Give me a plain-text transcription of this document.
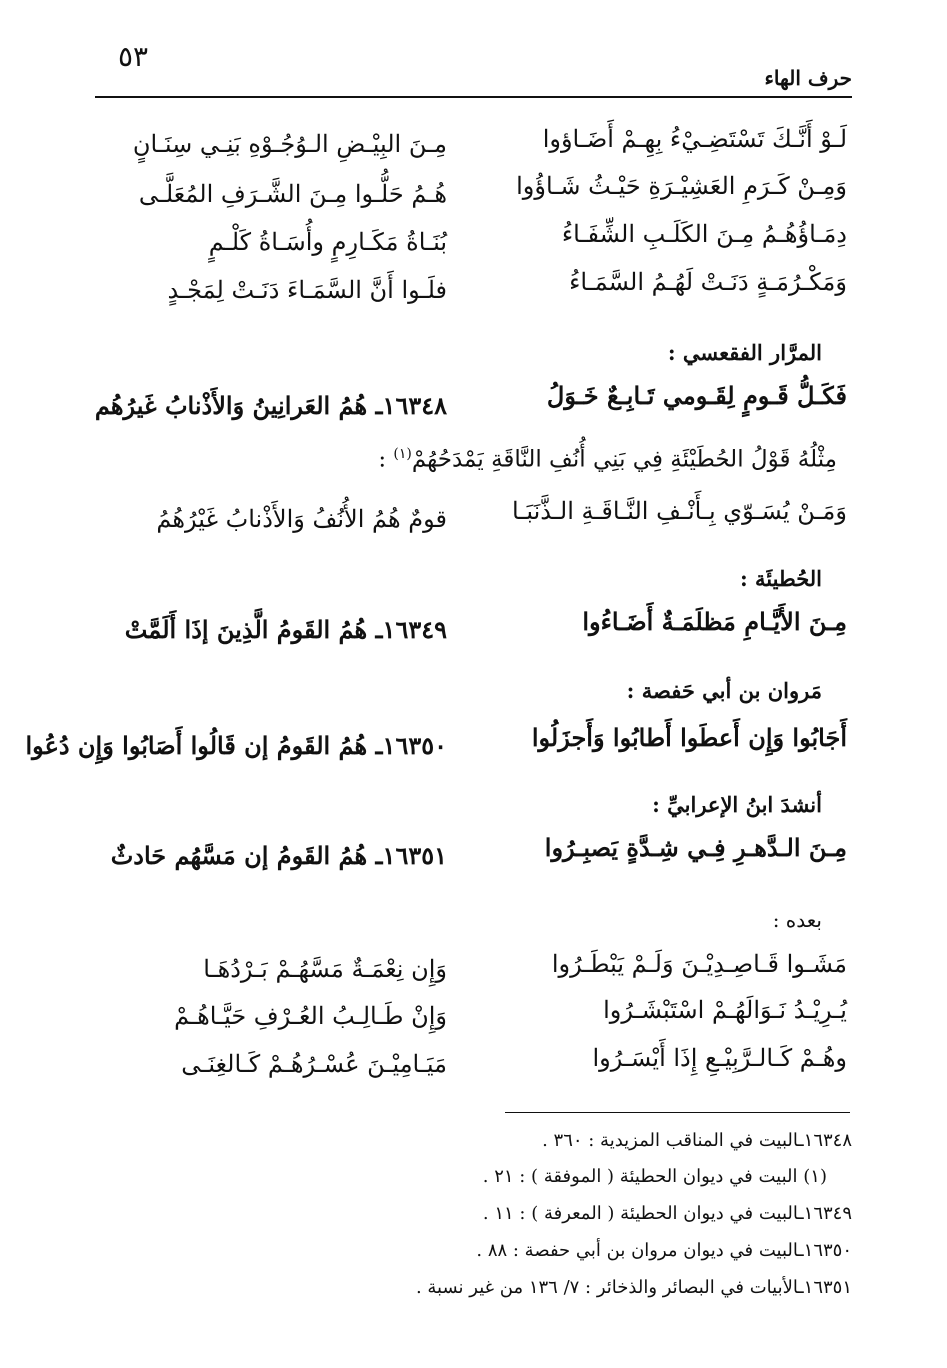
٥٣
حرف الهاء
مِـنَ البِيْـضِ الـوُجُـوْهِ بَنِـي سِنَـانٍ	لَـوْ أَنَّـكَ تَسْتَضِـيْءُ بِهِـمْ أَضَـاؤوا
هُـمُ حَلُّـوا مِـنَ الشَّـرَفِ المُعَلَّـى	وَمِـنْ كَـرَمِ العَشِيْـرَةِ حَيْـثُ شَـاؤُوا
بُنَـاةُ مَكَـارِمٍ وأُسَـاةُ كَلْـمٍ	دِمَـاؤُهُـمُ مِـنَ الكَلَـبِ الشِّفَـاءُ
فلَـوا أَنَّ السَّمَـاءَ دَنَـتْ لِمَجْـدٍ	وَمَكْـرُمَـةٍ دَنَـتْ لَهُـمُ السَّمَـاءُ
المرَّار الفقعسي :
١٦٣٤٨ـ هُمُ العَرانِينُ وَالأَذْنابُ غَيرُهُم	فَكَـلُّ قَـومٍ لِقَـومي تَـابِـعٌ خَـوَلُ
مِثْلُهُ قَوْلُ الحُطَيْئَةِ فِي بَنِي أُنُفِ النَّاقَةِ يَمْدَحُهُمْ$^{(١)}$ :
قومٌ هُمُ الأُنُفُ وَالأَذْنابُ غَيْرُهُمُ	وَمَـنْ يُسَـوّي بِـأَنْـفِ النَّـاقَـةِ الـذَّنَبَـا
الحُطيئَة :
١٦٣٤٩ـ هُمُ القَومُ الَّذِينَ إذَا أَلَمَّتْ	مِـنَ الأَيَّـامِ مَظلَمَـةٌ أَضَـاءُوا
مَروان بن أبي حَفصة :
١٦٣٥٠ـ هُمُ القَومُ إن قَالُوا أَصَابُوا وَإِن دُعُوا	أَجَابُوا وَإِن أَعطَوا أَطابُوا وَأَجزَلُوا
أنشدَ ابنُ الإعرابيِّ :
١٦٣٥١ـ هُمُ القَومُ إن مَسَّهُم حَادثٌ	مِـنَ الـدَّهـرِ فِـي شِـدَّةٍ يَصبِـرُوا
بعده :
وَإِن نِعْمَـةٌ مَسَّهُـمْ بَـرْدُهَـا	مَشَـوا قَـاصِـدِيْـنَ وَلَـمْ يَبْطَـرُوا
وَإِنْ طَـالِـبُ العُـرْفِ حَيَّـاهُـمْ	يُـرِيْـدُ نَـوَالَهُـمْ اسْتَبْشَـرُوا
مَيَـامِيْـنَ عُسْـرُهُـمْ كَـالغِنَـى	وهُـمْ كَـالـرَّبِيْـعِ إِذَا أَيْسَـرُوا
١٦٣٤٨ـالبيت في المناقب المزيدية : ٣٦٠ .
(١) البيت في ديوان الحطيئة ( الموفقة ) : ٢١ .
١٦٣٤٩ـالبيت في ديوان الحطيئة ( المعرفة ) : ١١ .
١٦٣٥٠ـالبيت في ديوان مروان بن أبي حفصة : ٨٨ .
١٦٣٥١ـالأبيات في البصائر والذخائر : ٧/ ١٣٦ من غير نسبة .
